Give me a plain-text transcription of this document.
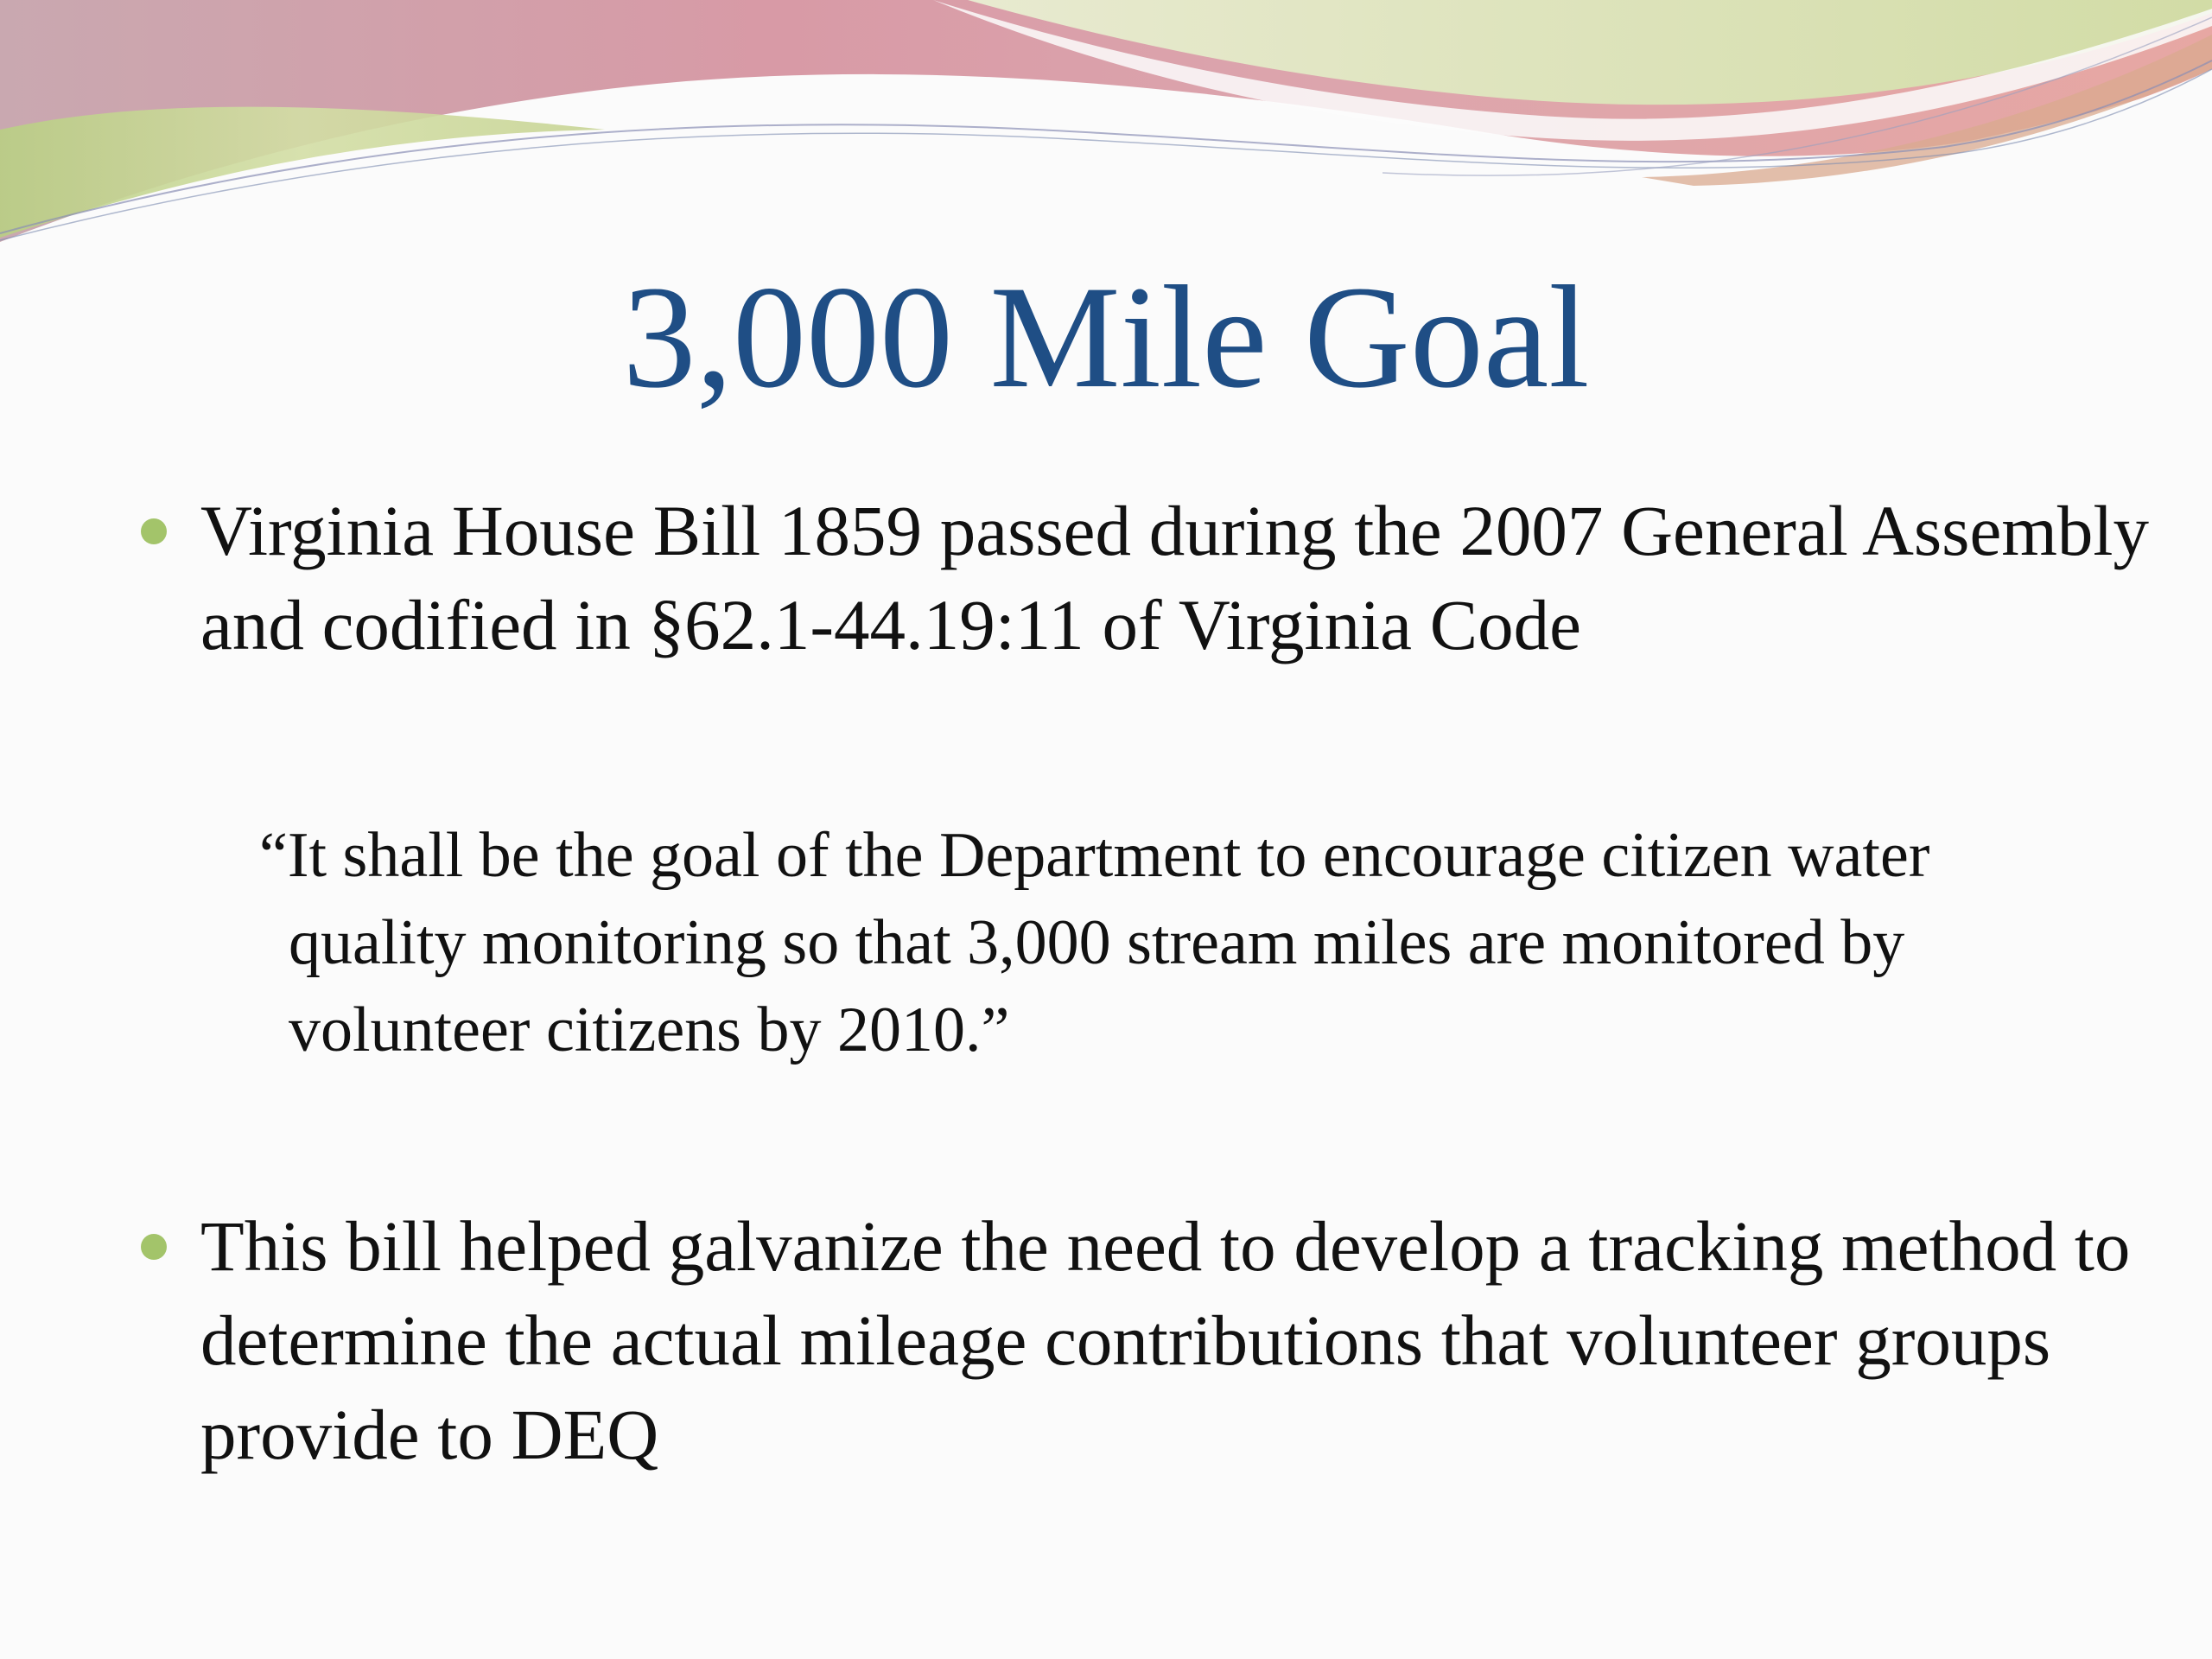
3,000 Mile Goal

Virginia House Bill 1859 passed during the 2007 General Assembly and codified in §62.1-44.19:11 of Virginia Code

“It shall be the goal of the Department to encourage citizen water quality monitoring so that 3,000 stream miles are monitored by volunteer citizens by 2010.”

This bill helped galvanize the need to develop a tracking method to determine the actual mileage contributions that volunteer groups provide to DEQ
